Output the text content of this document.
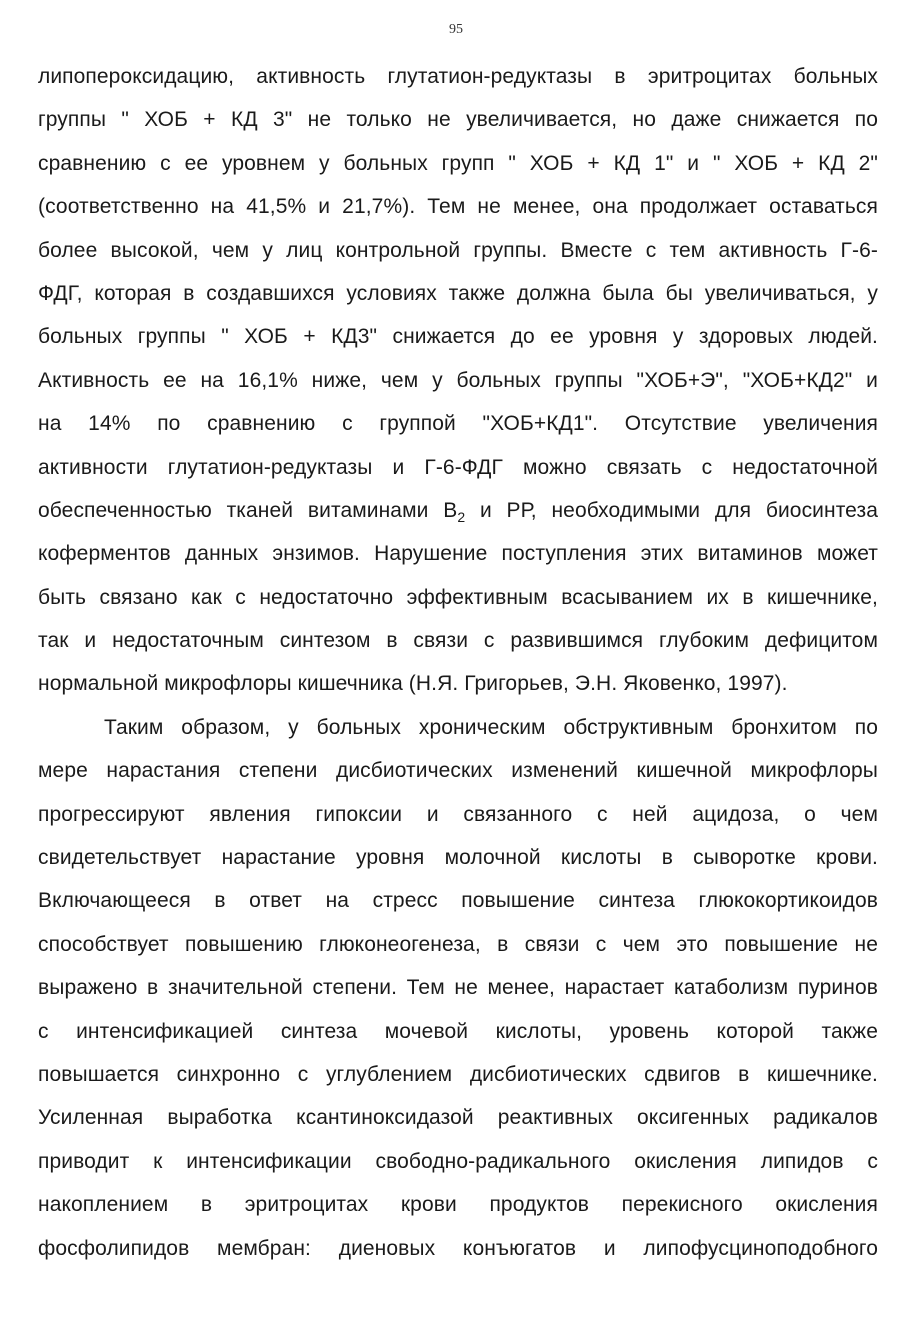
95
липопероксидацию, активность глутатион-редуктазы в эритроцитах больных
группы " ХОБ + КД 3" не только не увеличивается, но даже снижается по
сравнению с ее уровнем у больных групп " ХОБ + КД 1" и " ХОБ + КД 2"
(соответственно на 41,5% и 21,7%). Тем не менее, она продолжает оставаться
более высокой, чем у лиц контрольной группы. Вместе с тем активность Г-6-
ФДГ, которая в создавшихся условиях также должна была бы увеличиваться, у
больных группы " ХОБ + КД3" снижается до ее уровня у здоровых людей.
Активность ее на 16,1% ниже, чем у больных группы "ХОБ+Э", "ХОБ+КД2" и
на 14% по сравнению с группой "ХОБ+КД1". Отсутствие увеличения
активности глутатион-редуктазы и Г-6-ФДГ можно связать с недостаточной
обеспеченностью тканей витаминами $В_2$ и РР, необходимыми для биосинтеза
коферментов данных энзимов. Нарушение поступления этих витаминов может
быть связано как с недостаточно эффективным всасыванием их в кишечнике,
так и недостаточным синтезом в связи с развившимся глубоким дефицитом
нормальной микрофлоры кишечника (Н.Я. Григорьев, Э.Н. Яковенко, 1997).
Таким образом, у больных хроническим обструктивным бронхитом по
мере нарастания степени дисбиотических изменений кишечной микрофлоры
прогрессируют явления гипоксии и связанного с ней ацидоза, о чем
свидетельствует нарастание уровня молочной кислоты в сыворотке крови.
Включающееся в ответ на стресс повышение синтеза глюкокортикоидов
способствует повышению глюконеогенеза, в связи с чем это повышение не
выражено в значительной степени. Тем не менее, нарастает катаболизм пуринов
с интенсификацией синтеза мочевой кислоты, уровень которой также
повышается синхронно с углублением дисбиотических сдвигов в кишечнике.
Усиленная выработка ксантиноксидазой реактивных оксигенных радикалов
приводит к интенсификации свободно-радикального окисления липидов с
накоплением в эритроцитах крови продуктов перекисного окисления
фосфолипидов мембран: диеновых конъюгатов и липофусциноподобного
